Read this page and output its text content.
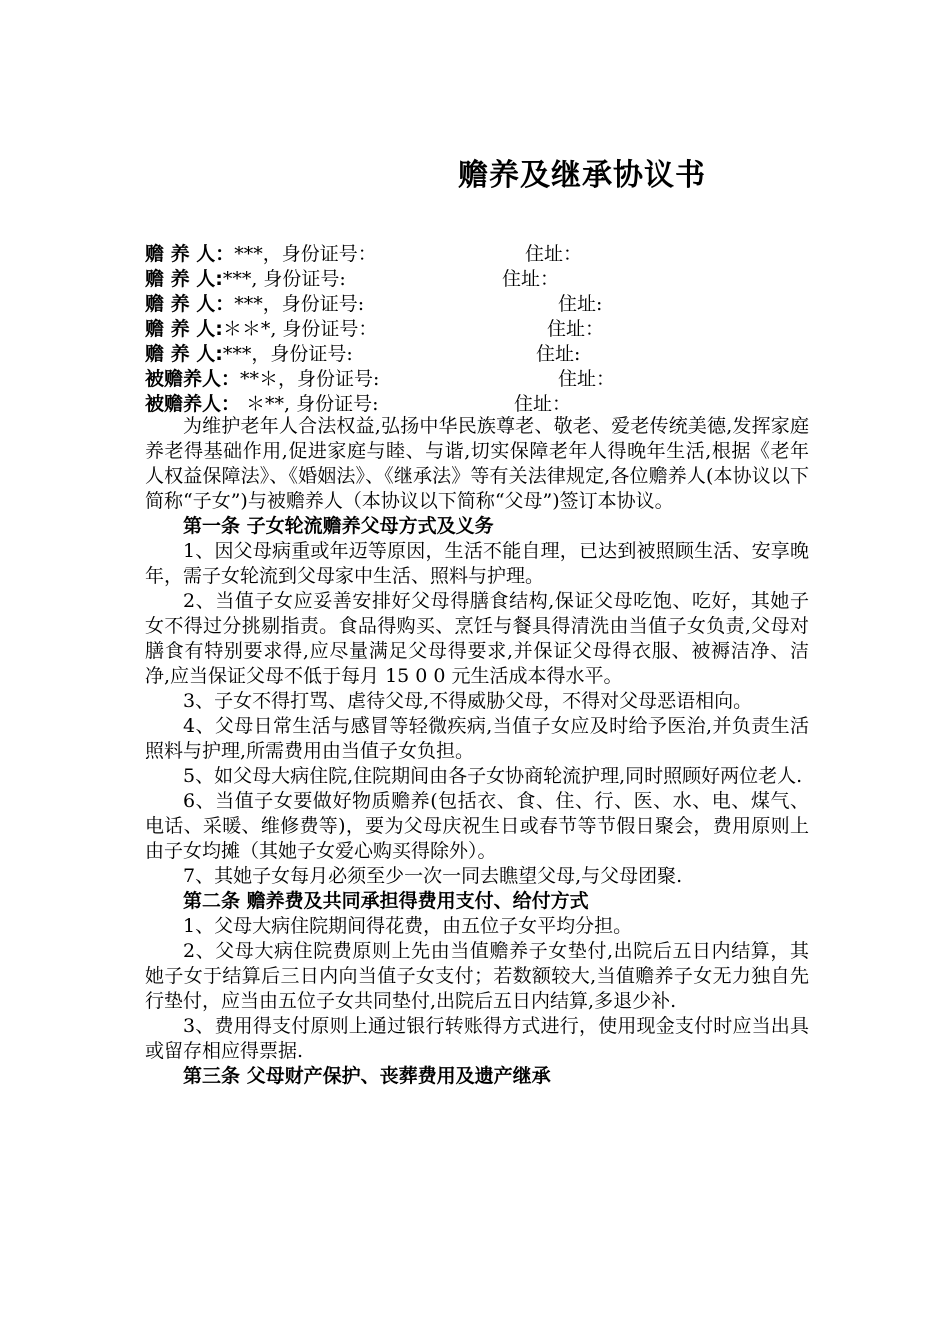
赡养及继承协议书
赡 养 人：***，身份证号：	住址：
赡 养 人:***, 身份证号:	住址：
赡 养 人：***，身份证号:	住址:
赡 养 人:＊＊*, 身份证号：	住址：
赡 养 人:***，身份证号:	住址:
被赡养人：**＊，身份证号:	住址：
被赡养人： ＊**, 身份证号:	住址：

为维护老年人合法权益,弘扬中华民族尊老、敬老、爱老传统美德,发挥家庭养老得基础作用,促进家庭与睦、与谐,切实保障老年人得晚年生活,根据《老年人权益保障法》、《婚姻法》、《继承法》等有关法律规定,各位赡养人(本协议以下简称“子女”)与被赡养人（本协议以下简称“父母”)签订本协议。

第一条 子女轮流赡养父母方式及义务

1、因父母病重或年迈等原因，生活不能自理，已达到被照顾生活、安享晚年，需子女轮流到父母家中生活、照料与护理。

2、当值子女应妥善安排好父母得膳食结构,保证父母吃饱、吃好，其她子女不得过分挑剔指责。食品得购买、烹饪与餐具得清洗由当值子女负责,父母对膳食有特别要求得,应尽量满足父母得要求,并保证父母得衣服、被褥洁净、洁净,应当保证父母不低于每月 15 0 0 元生活成本得水平。

3、子女不得打骂、虐待父母,不得威胁父母，不得对父母恶语相向。

4、父母日常生活与感冒等轻微疾病,当值子女应及时给予医治,并负责生活照料与护理,所需费用由当值子女负担。

5、如父母大病住院,住院期间由各子女协商轮流护理,同时照顾好两位老人.

6、当值子女要做好物质赡养(包括衣、食、住、行、医、水、电、煤气、电话、采暖、维修费等)，要为父母庆祝生日或春节等节假日聚会，费用原则上由子女均摊（其她子女爱心购买得除外）。

7、其她子女每月必须至少一次一同去瞧望父母,与父母团聚.

第二条 赡养费及共同承担得费用支付、给付方式

1、父母大病住院期间得花费，由五位子女平均分担。

2、父母大病住院费原则上先由当值赡养子女垫付,出院后五日内结算，其她子女于结算后三日内向当值子女支付；若数额较大,当值赡养子女无力独自先行垫付，应当由五位子女共同垫付,出院后五日内结算,多退少补.

3、费用得支付原则上通过银行转账得方式进行，使用现金支付时应当出具或留存相应得票据.

第三条 父母财产保护、丧葬费用及遗产继承
